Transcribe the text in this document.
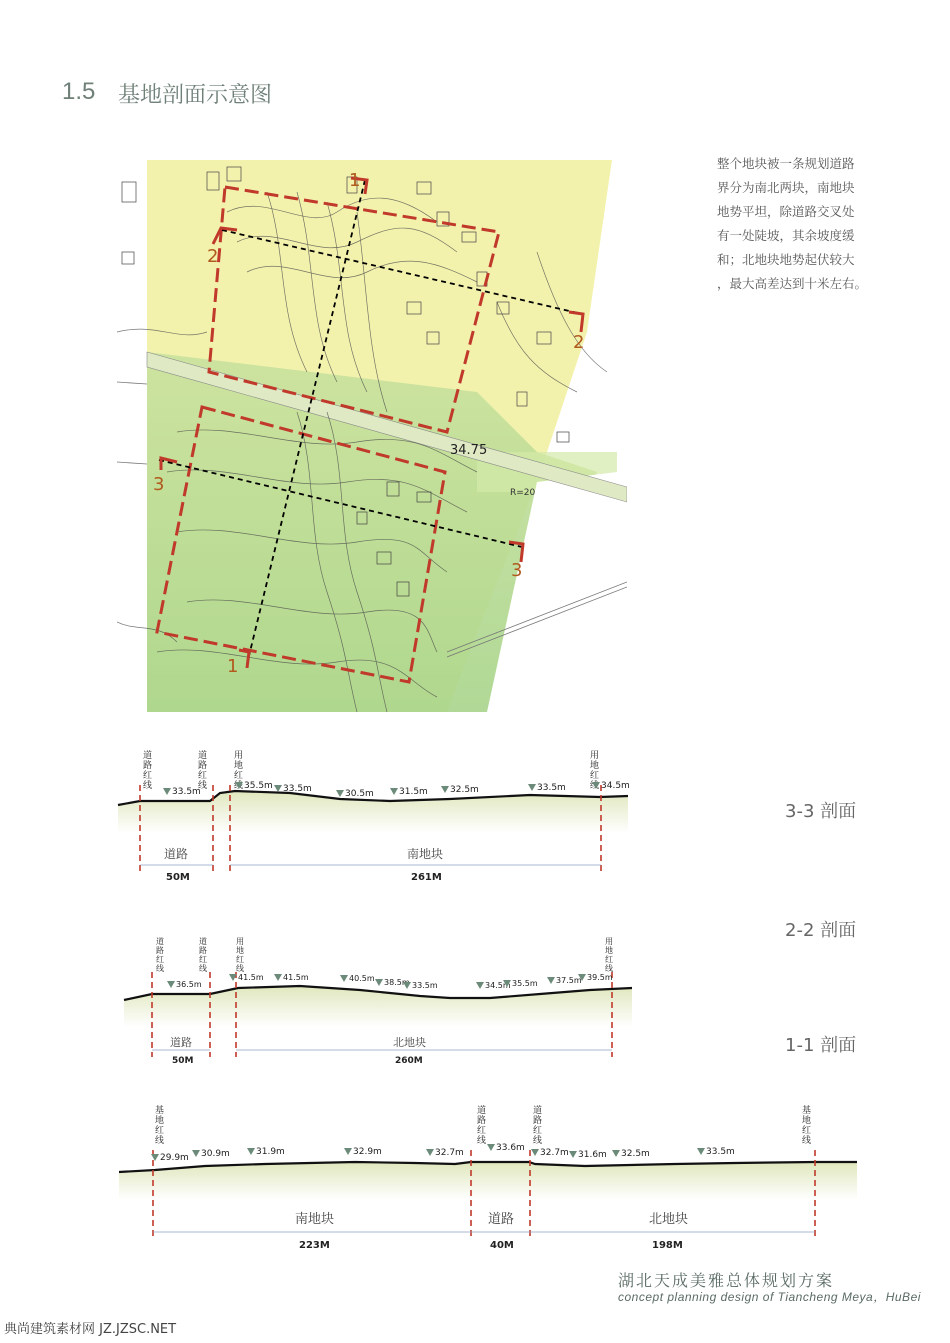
1.5 基地剖面示意图
整个地块被一条规划道路
界分为南北两块，南地块
地势平坦，除道路交叉处
有一处陡坡，其余坡度缓
和；北地块地势起伏较大
，最大高差达到十米左右。
1
1
2
2
3
3
34.75
R=20
3-3 剖面
2-2 剖面
1-1 剖面
道路红线
道路红线
用地红线
用地红线
33.5m
35.5m 33.5m	30.5m	31.5m 32.5m	33.5m	34.5m
道路	南地块
50M	261M
道路红线
道路红线
用地红线
用地红线
36.5m
41.5m 41.5m	40.5m 38.5m 33.5m	34.5m 35.5m 37.5m 39.5m
道路	北地块
50M	260M
基地红线
道路红线
道路红线
基地红线
29.9m 30.9m	31.9m	32.9m	32.7m	33.6m 32.7m 31.6m 32.5m	33.5m
南地块	道路	北地块
223M	40M	198M
湖北天成美雅总体规划方案
concept planning design of Tiancheng Meya，HuBei
典尚建筑素材网 JZ.JZSC.NET
